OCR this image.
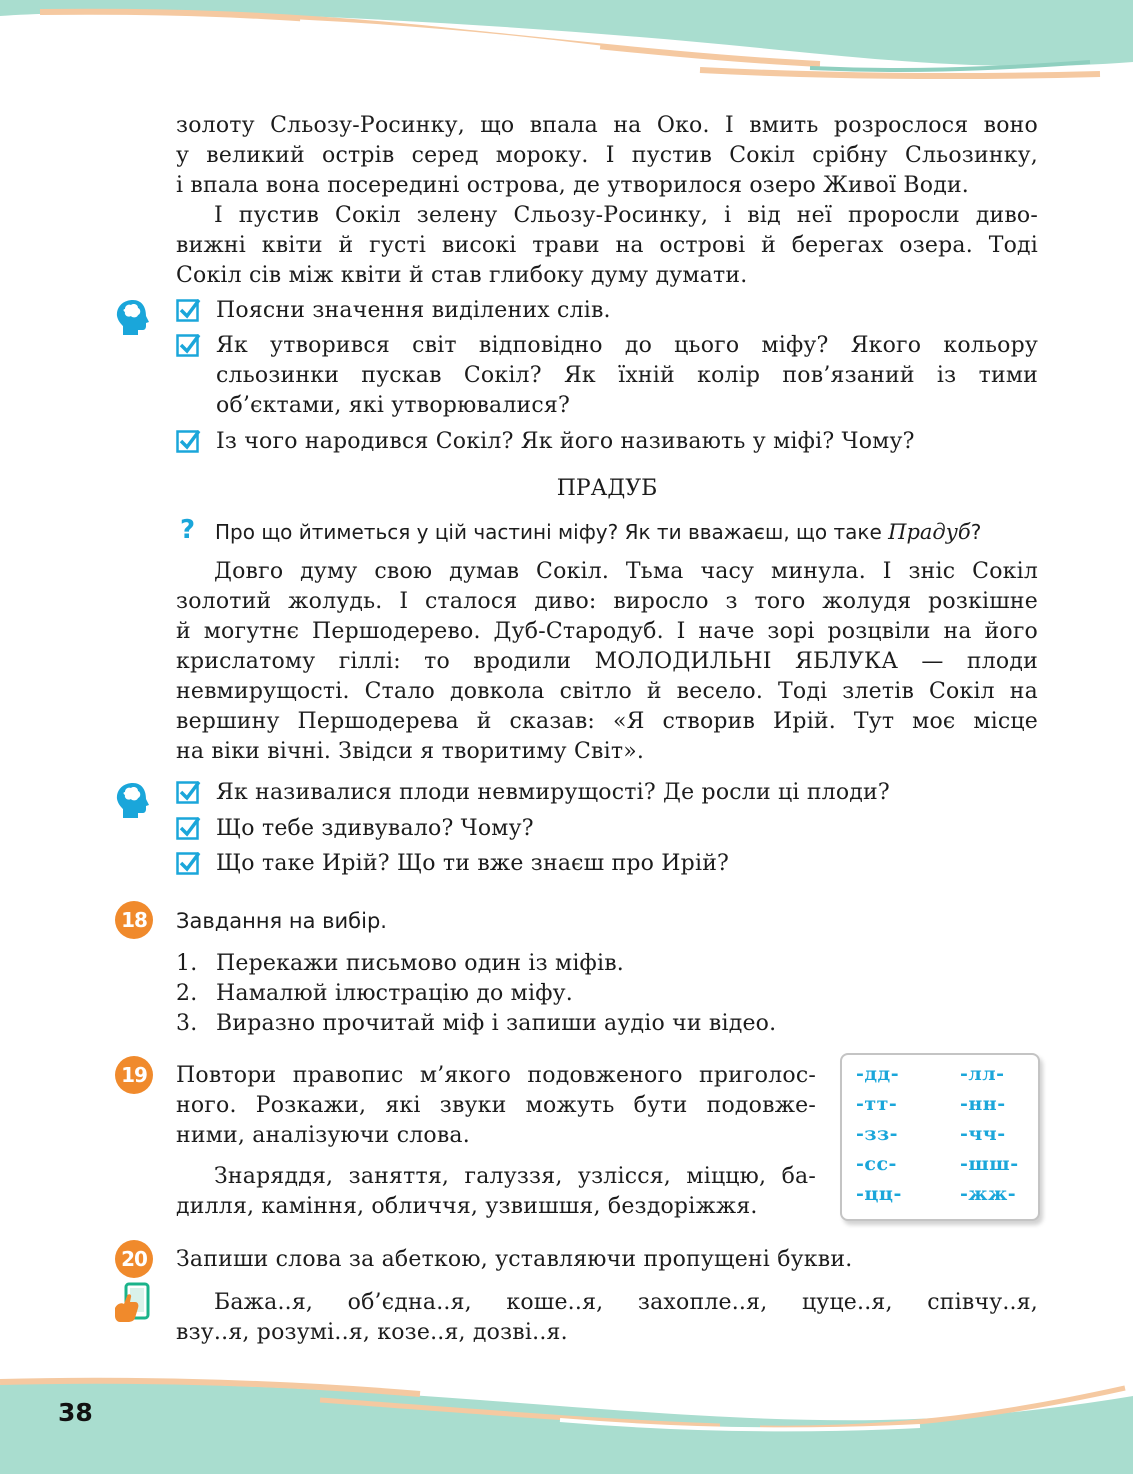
золоту Сльозу-Росинку, що впала на Око. І вмить розрослося воно
у великий острів серед мороку. І пустив Сокіл срібну Сльозинку,
і впала вона посередині острова, де утворилося озеро Живої Води.
І пустив Сокіл зелену Сльозу-Росинку, і від неї проросли диво-
вижні квіти й густі високі трави на острові й берегах озера. Тоді
Сокіл сів між квіти й став глибоку думу думати.
Поясни значення виділених слів.
Як утворився світ відповідно до цього міфу? Якого кольору сльозинки пускав Сокіл? Як їхній колір пов’язаний із тими об’єктами, які утворювалися?
Із чого народився Сокіл? Як його називають у міфі? Чому?
ПРАДУБ
? Про що йтиметься у цій частині міфу? Як ти вважаєш, що таке Прадуб?
Довго думу свою думав Сокіл. Тьма часу минула. І зніс Сокіл
золотий жолудь. І сталося диво: виросло з того жолудя розкішне
й могутнє Першодерево. Дуб-Стародуб. І наче зорі розцвіли на його
крислатому гіллі: то вродили МОЛОДИЛЬНІ ЯБЛУКА — плоди
невмирущості. Стало довкола світло й весело. Тоді злетів Сокіл на
вершину Першодерева й сказав: «Я створив Ирій. Тут моє місце
на віки вічні. Звідси я творитиму Світ».
Як називалися плоди невмирущості? Де росли ці плоди?
Що тебе здивувало? Чому?
Що таке Ирій? Що ти вже знаєш про Ирій?
18 Завдання на вибір.
1. Перекажи письмово один із міфів.
2. Намалюй ілюстрацію до міфу.
3. Виразно прочитай міф і запиши аудіо чи відео.
19 Повтори правопис м’якого подовженого приголос-
ного. Розкажи, які звуки можуть бути подовже-
ними, аналізуючи слова.
Знаряддя, заняття, галуззя, узлісся, міццю, ба-
дилля, каміння, обличчя, узвишшя, бездоріжжя.
-дд-
-тт-
-зз-
-сс-
-цц-
-лл-
-нн-
-чч-
-шш-
-жж-
20 Запиши слова за абеткою, уставляючи пропущені букви.
Бажа..я, об’єдна..я, коше..я, захопле..я, цуце..я, співчу..я,
взу..я, розумі..я, козе..я, дозві..я.
38
